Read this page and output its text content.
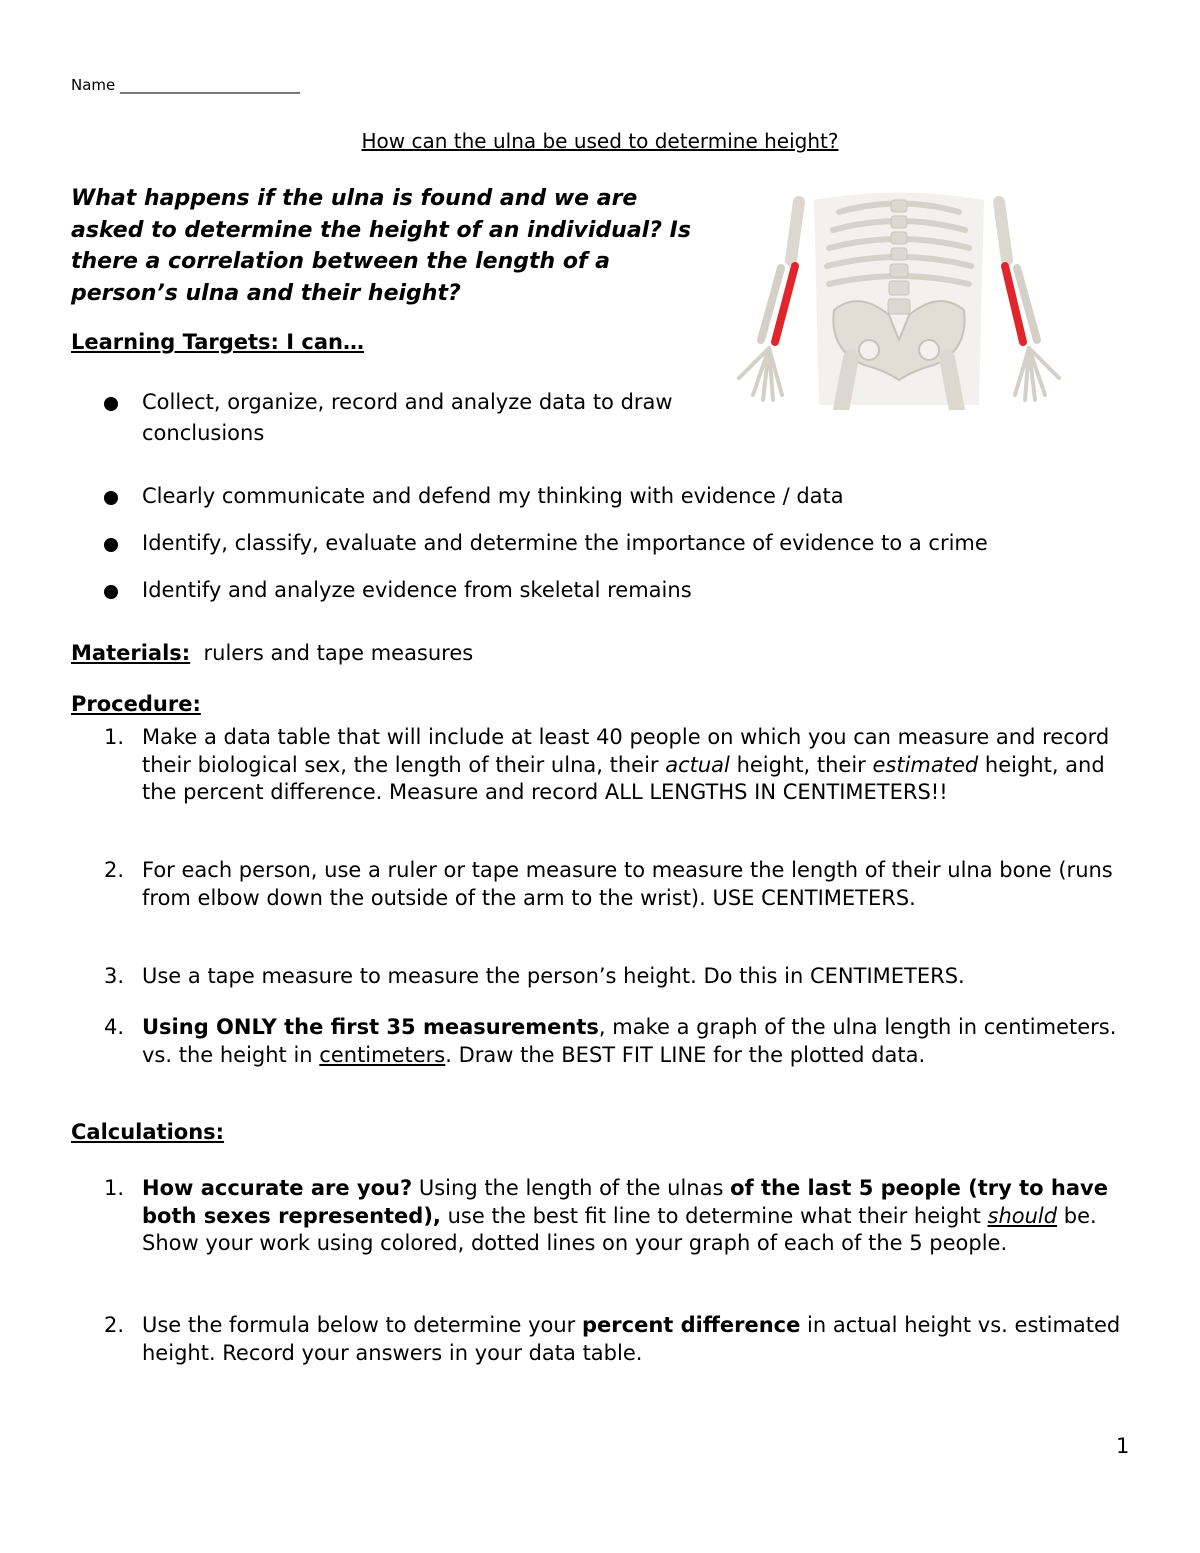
Name ________________________
How can the ulna be used to determine height?
What happens if the ulna is found and we are asked to determine the height of an individual? Is there a correlation between the length of a person’s ulna and their height?
Learning Targets: I can…
Collect, organize, record and analyze data to draw conclusions
Clearly communicate and defend my thinking with evidence / data
Identify, classify, evaluate and determine the importance of evidence to a crime
Identify and analyze evidence from skeletal remains
Materials: rulers and tape measures
Procedure:
1. Make a data table that will include at least 40 people on which you can measure and record their biological sex, the length of their ulna, their actual height, their estimated height, and the percent difference. Measure and record ALL LENGTHS IN CENTIMETERS!!
2. For each person, use a ruler or tape measure to measure the length of their ulna bone (runs from elbow down the outside of the arm to the wrist). USE CENTIMETERS.
3. Use a tape measure to measure the person’s height. Do this in CENTIMETERS.
4. Using ONLY the first 35 measurements, make a graph of the ulna length in centimeters. vs. the height in centimeters. Draw the BEST FIT LINE for the plotted data.
Calculations:
1. How accurate are you? Using the length of the ulnas of the last 5 people (try to have both sexes represented), use the best fit line to determine what their height should be. Show your work using colored, dotted lines on your graph of each of the 5 people.
2. Use the formula below to determine your percent difference in actual height vs. estimated height. Record your answers in your data table.
1
